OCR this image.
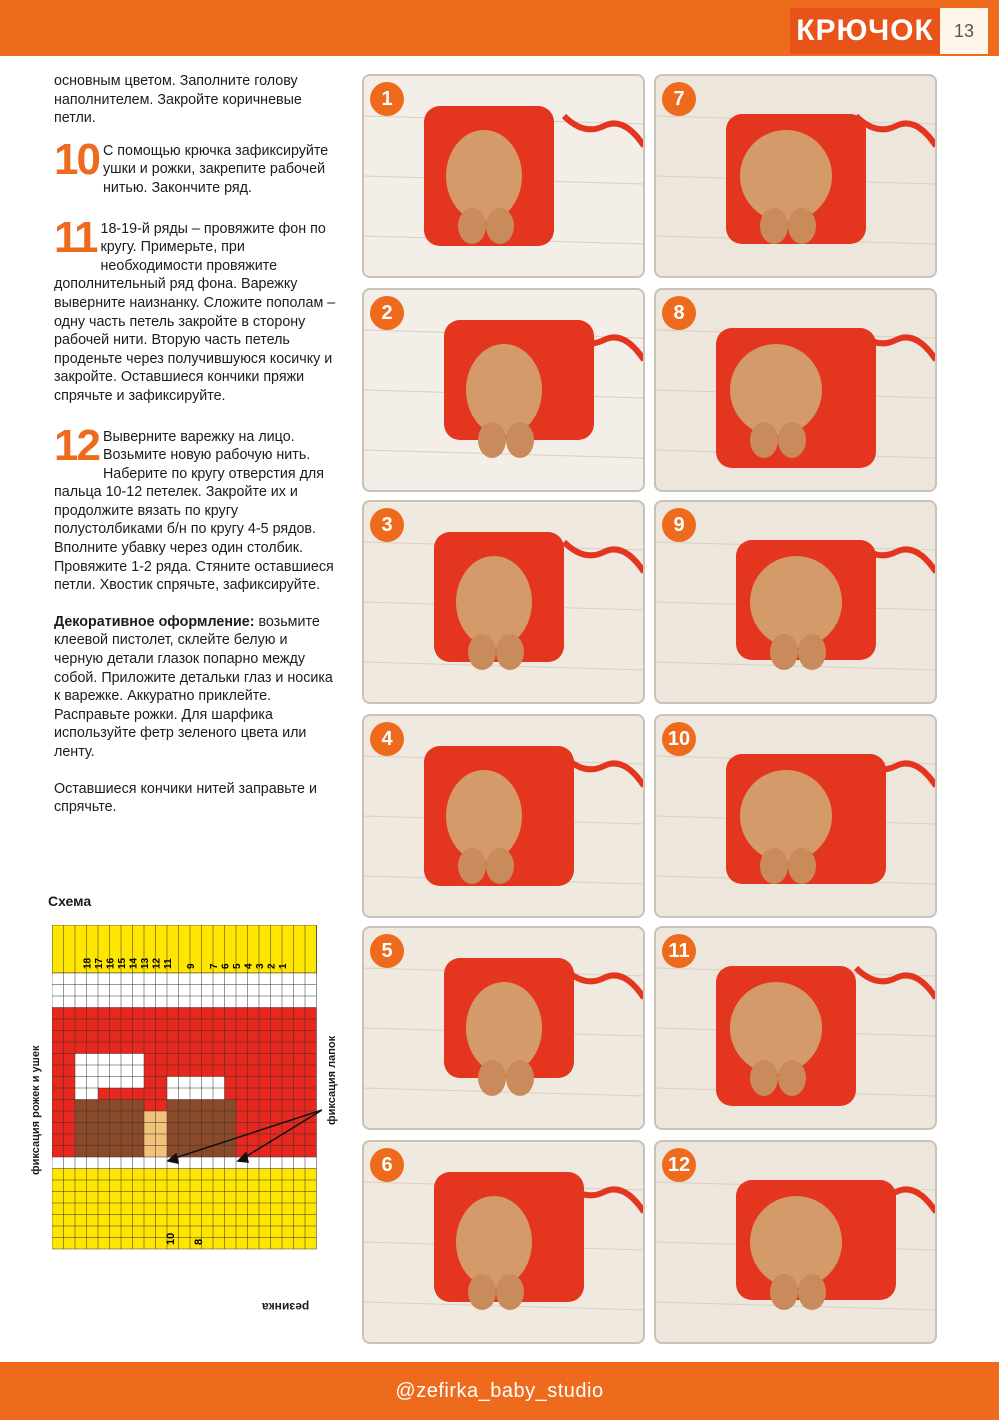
КРЮЧОК	13

основным цветом. Заполните голову наполнителем. Закройте коричневые петли.

10 С помощью крючка зафиксируйте ушки и рожки, закрепите рабочей нитью. Закончите ряд.
11 18-19-й ряды – провяжите фон по кругу. Примерьте, при необходимости провяжите дополнительный ряд фона. Варежку выверните наизнанку. Сложите пополам – одну часть петель закройте в сторону рабочей нити. Вторую часть петель проденьте через получившуюся косичку и закройте. Оставшиеся кончики пряжи спрячьте и зафиксируйте.
12 Выверните варежку на лицо. Возьмите новую рабочую нить. Наберите по кругу отверстия для пальца 10-12 петелек. Закройте их и продолжите вязать по кругу полустолбиками б/н по кругу 4-5 рядов. Вполните убавку через один столбик. Провяжите 1-2 ряда. Стяните оставшиеся петли. Хвостик спрячьте, зафиксируйте.

Декоративное оформление: возьмите клеевой пистолет, склейте белую и черную детали глазок попарно между собой. Приложите детальки глаз и носика к варежке. Аккуратно приклейте. Расправьте рожки. Для шарфика используйте фетр зеленого цвета или ленту.

Оставшиеся кончики нитей заправьте и спрячьте.

Схема
18 17 16 15 14 13 12 11 9 7 6 5 4 3 2 1
10 8
фиксация рожек и ушек	фиксация лапок
резинка
1	7
2	8
3	9
4	10
5	11
6	12
@zefirka_baby_studio
